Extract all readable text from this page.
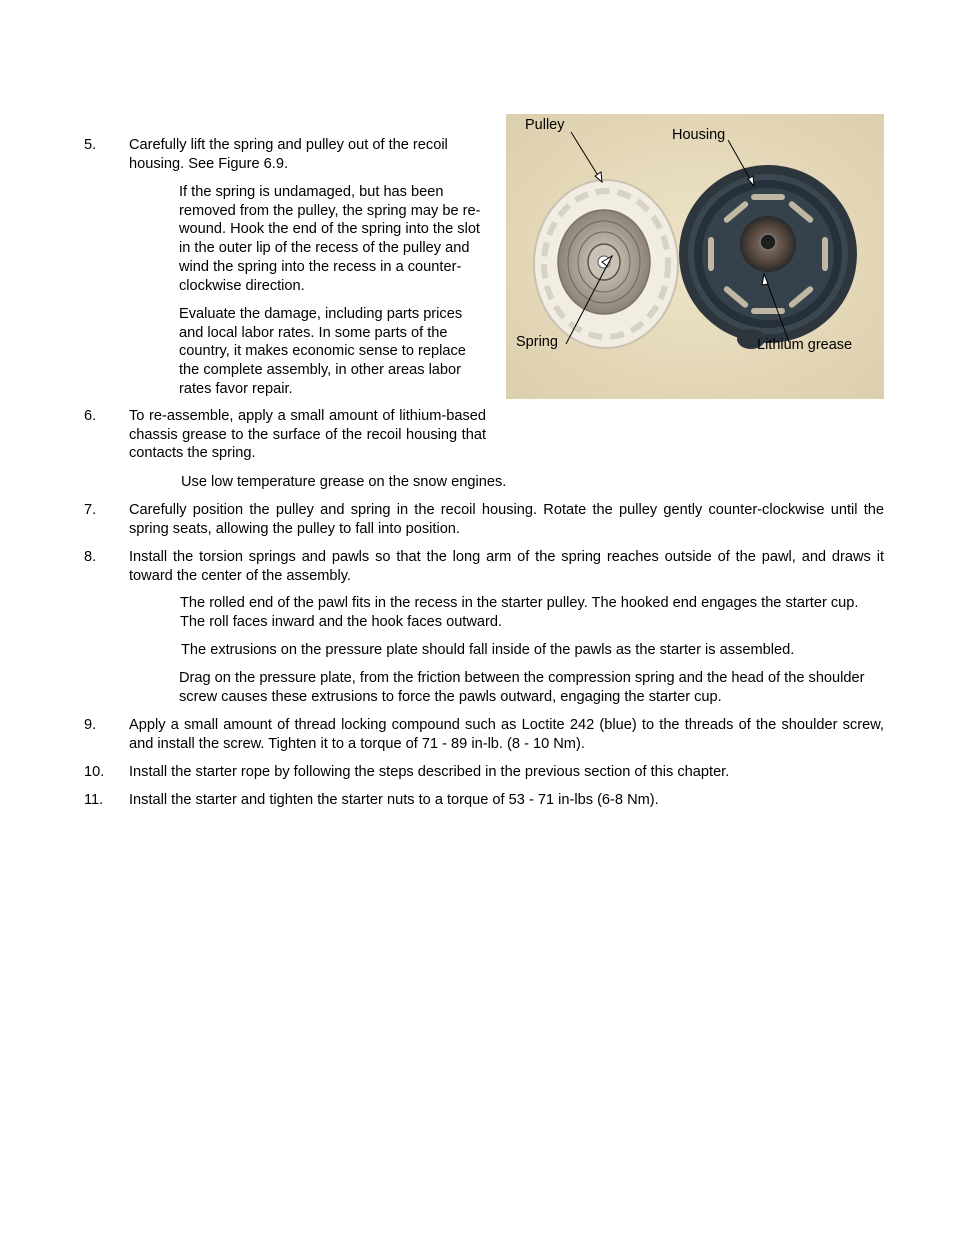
Pulley
Housing
Spring	Lithium grease
5. Carefully lift the spring and pulley out of the recoil housing. See Figure 6.9.

If the spring is undamaged, but has been removed from the pulley, the spring may be re-wound. Hook the end of the spring into the slot in the outer lip of the recess of the pulley and wind the spring into the recess in a counter-clockwise direction.

Evaluate the damage, including parts prices and local labor rates. In some parts of the country, it makes economic sense to replace the complete assembly, in other areas labor rates favor repair.

6. To re-assemble, apply a small amount of lithium-based chassis grease to the surface of the recoil housing that contacts the spring.

Use low temperature grease on the snow engines.

7. Carefully position the pulley and spring in the recoil housing. Rotate the pulley gently counter-clockwise until the spring seats, allowing the pulley to fall into position.

8. Install the torsion springs and pawls so that the long arm of the spring reaches outside of the pawl, and draws it toward the center of the assembly.

The rolled end of the pawl fits in the recess in the starter pulley. The hooked end engages the starter cup. The roll faces inward and the hook faces outward.

The extrusions on the pressure plate should fall inside of the pawls as the starter is assembled.

Drag on the pressure plate, from the friction between the compression spring and the head of the shoulder screw causes these extrusions to force the pawls outward, engaging the starter cup.

9. Apply a small amount of thread locking compound such as Loctite 242 (blue) to the threads of the shoulder screw, and install the screw. Tighten it to a torque of 71 - 89 in-lb. (8 - 10 Nm).

10. Install the starter rope by following the steps described in the previous section of this chapter.

11. Install the starter and tighten the starter nuts to a torque of 53 - 71 in-lbs (6-8 Nm).
